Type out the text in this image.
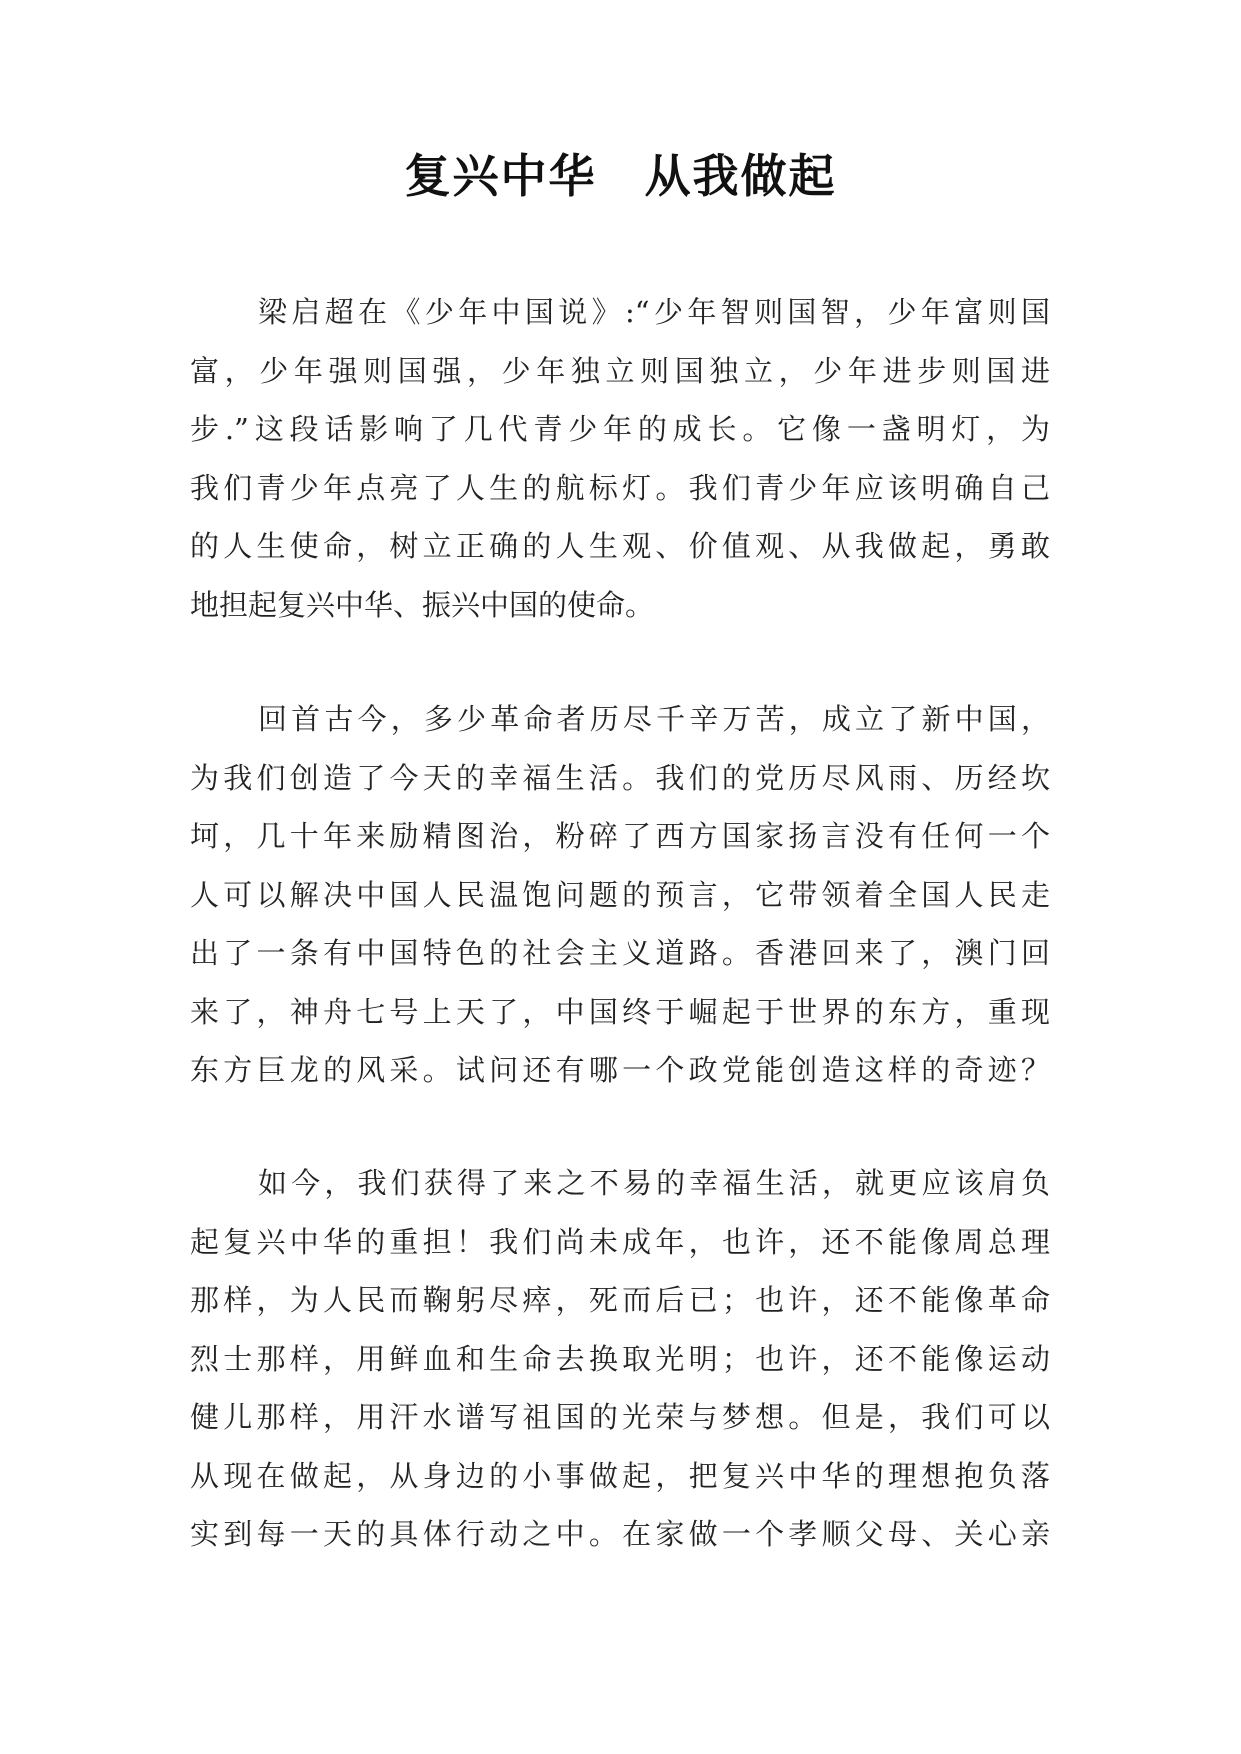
复兴中华　从我做起
梁启超在《少年中国说》:“少年智则国智，少年富则国
富，少年强则国强，少年独立则国独立，少年进步则国进
步.”这段话影响了几代青少年的成长。它像一盏明灯，为
我们青少年点亮了人生的航标灯。我们青少年应该明确自己
的人生使命，树立正确的人生观、价值观、从我做起，勇敢
地担起复兴中华、振兴中国的使命。
回首古今，多少革命者历尽千辛万苦，成立了新中国，
为我们创造了今天的幸福生活。我们的党历尽风雨、历经坎
坷，几十年来励精图治，粉碎了西方国家扬言没有任何一个
人可以解决中国人民温饱问题的预言，它带领着全国人民走
出了一条有中国特色的社会主义道路。香港回来了，澳门回
来了，神舟七号上天了，中国终于崛起于世界的东方，重现
东方巨龙的风采。试问还有哪一个政党能创造这样的奇迹？
如今，我们获得了来之不易的幸福生活，就更应该肩负
起复兴中华的重担！我们尚未成年，也许，还不能像周总理
那样，为人民而鞠躬尽瘁，死而后已；也许，还不能像革命
烈士那样，用鲜血和生命去换取光明；也许，还不能像运动
健儿那样，用汗水谱写祖国的光荣与梦想。但是，我们可以
从现在做起，从身边的小事做起，把复兴中华的理想抱负落
实到每一天的具体行动之中。在家做一个孝顺父母、关心亲
